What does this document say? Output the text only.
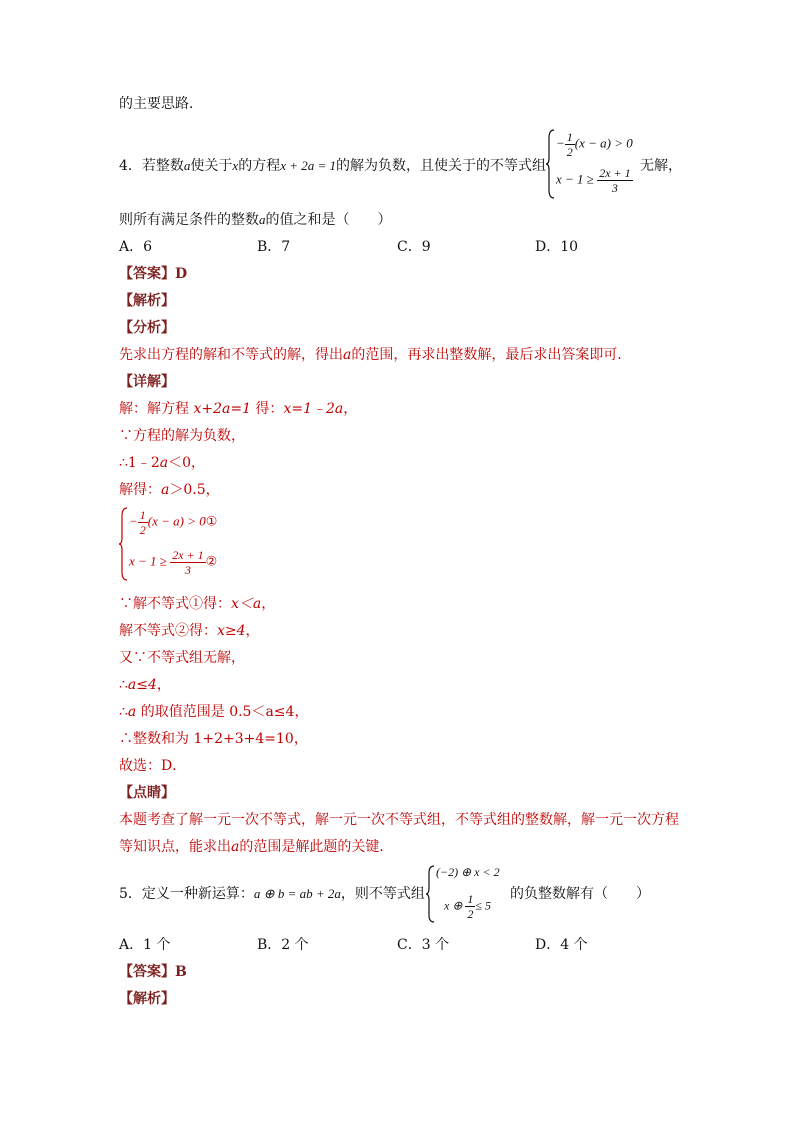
的主要思路．
4．若整数a使关于x的方程x + 2a = 1的解为负数，且使关于的不等式组
− $\frac{1}{2} (x - a) > 0$
$x - 1 \ge \frac{2x + 1}{3}$ 无解，
则所有满足条件的整数a的值之和是（　　）
A．6	B．7	C．9	D．10
【答案】D
【解析】
【分析】
先求出方程的解和不等式的解，得出a的范围，再求出整数解，最后求出答案即可．
【详解】
解：解方程 x+2a=1 得：x=1﹣2a，
∵方程的解为负数，
∴1﹣2a＜0，
解得：a＞0.5，
− $\frac{1}{2} (x - a)$ > 0①
$x - 1 \ge \frac{2x + 1}{3}$ ②
∵解不等式①得：x＜a，
解不等式②得：x≥4，
又∵不等式组无解，
∴a≤4，
∴a 的取值范围是 0.5＜a≤4，
∴整数和为 1+2+3+4=10，
故选：D．
【点睛】
本题考查了解一元一次不等式，解一元一次不等式组，不等式组的整数解，解一元一次方程
等知识点，能求出a的范围是解此题的关键．
5．定义一种新运算：a ⊕ b = ab + 2a，则不等式组
(−2) ⊕ x < 2
x ⊕ $\frac{1}{2} \le 5$
的负整数解有（　　）
A．1 个	B．2 个	C．3 个	D．4 个
【答案】B
【解析】
